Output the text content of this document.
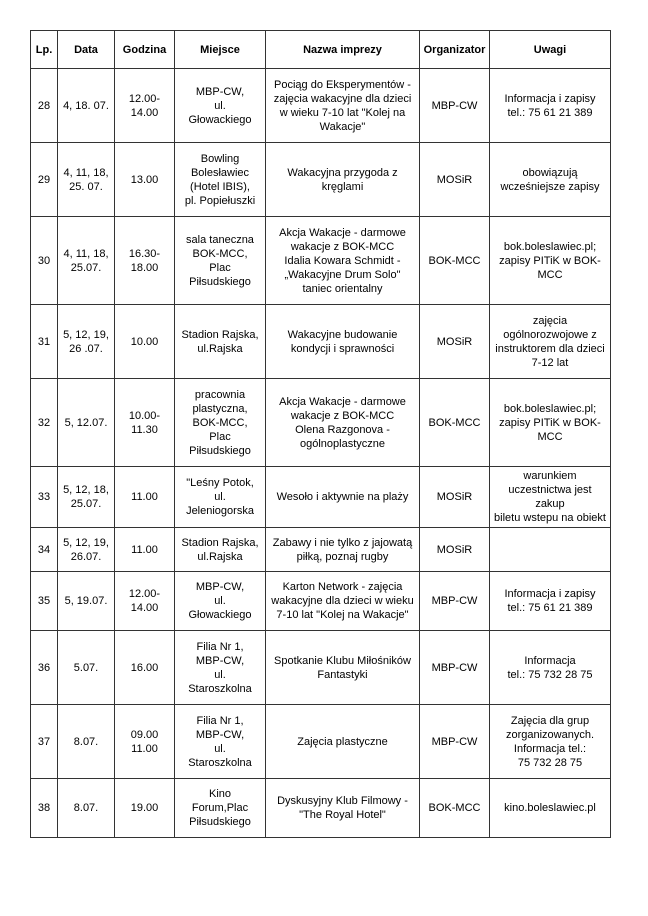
Lp.	Data	Godzina	Miejsce	Nazwa imprezy	Organizator	Uwagi
28	4, 18. 07.	12.00-
14.00	MBP-CW,
ul.
Głowackiego	Pociąg do Eksperymentów -
zajęcia wakacyjne dla dzieci
w wieku 7-10 lat "Kolej na
Wakacje"	MBP-CW	Informacja i zapisy
tel.: 75 61 21 389
29	4, 11, 18,
25. 07.	13.00	Bowling
Bolesławiec
(Hotel IBIS),
pl. Popiełuszki	Wakacyjna przygoda z
kręglami	MOSiR	obowiązują
wcześniejsze zapisy
30	4, 11, 18,
25.07.	16.30-
18.00	sala taneczna
BOK-MCC,
Plac
Piłsudskiego	Akcja Wakacje - darmowe
wakacje z BOK-MCC
Idalia Kowara Schmidt -
„Wakacyjne Drum Solo"
taniec orientalny	BOK-MCC	bok.boleslawiec.pl;
zapisy PITiK w BOK-
MCC
31	5, 12, 19,
26 .07.	10.00	Stadion Rajska,
ul.Rajska	Wakacyjne budowanie
kondycji i sprawności	MOSiR	zajęcia
ogólnorozwojowe z
instruktorem dla dzieci
7-12 lat
32	5, 12.07.	10.00-
11.30	pracownia
plastyczna,
BOK-MCC,
Plac
Piłsudskiego	Akcja Wakacje - darmowe
wakacje z BOK-MCC
Olena Razgonova -
ogólnoplastyczne	BOK-MCC	bok.boleslawiec.pl;
zapisy PITiK w BOK-
MCC
33	5, 12, 18,
25.07.	11.00	"Leśny Potok,
ul.
Jeleniogorska	Wesoło i aktywnie na plaży	MOSiR	warunkiem
uczestnictwa jest zakup
biletu wstepu na obiekt
34	5, 12, 19,
26.07.	11.00	Stadion Rajska,
ul.Rajska	Zabawy i nie tylko z jajowatą
piłką, poznaj rugby	MOSiR	
35	5, 19.07.	12.00-
14.00	MBP-CW,
ul.
Głowackiego	Karton Network - zajęcia
wakacyjne dla dzieci w wieku
7-10 lat "Kolej na Wakacje"	MBP-CW	Informacja i zapisy
tel.: 75 61 21 389
36	5.07.	16.00	Filia Nr 1,
MBP-CW,
ul.
Staroszkolna	Spotkanie Klubu Miłośników
Fantastyki	MBP-CW	Informacja
tel.: 75 732 28 75
37	8.07.	09.00
11.00	Filia Nr 1,
MBP-CW,
ul.
Staroszkolna	Zajęcia plastyczne	MBP-CW	Zajęcia dla grup
zorganizowanych.
Informacja tel.:
75 732 28 75
38	8.07.	19.00	Kino
Forum,Plac
Piłsudskiego	Dyskusyjny Klub Filmowy -
"The Royal Hotel"	BOK-MCC	kino.boleslawiec.pl
